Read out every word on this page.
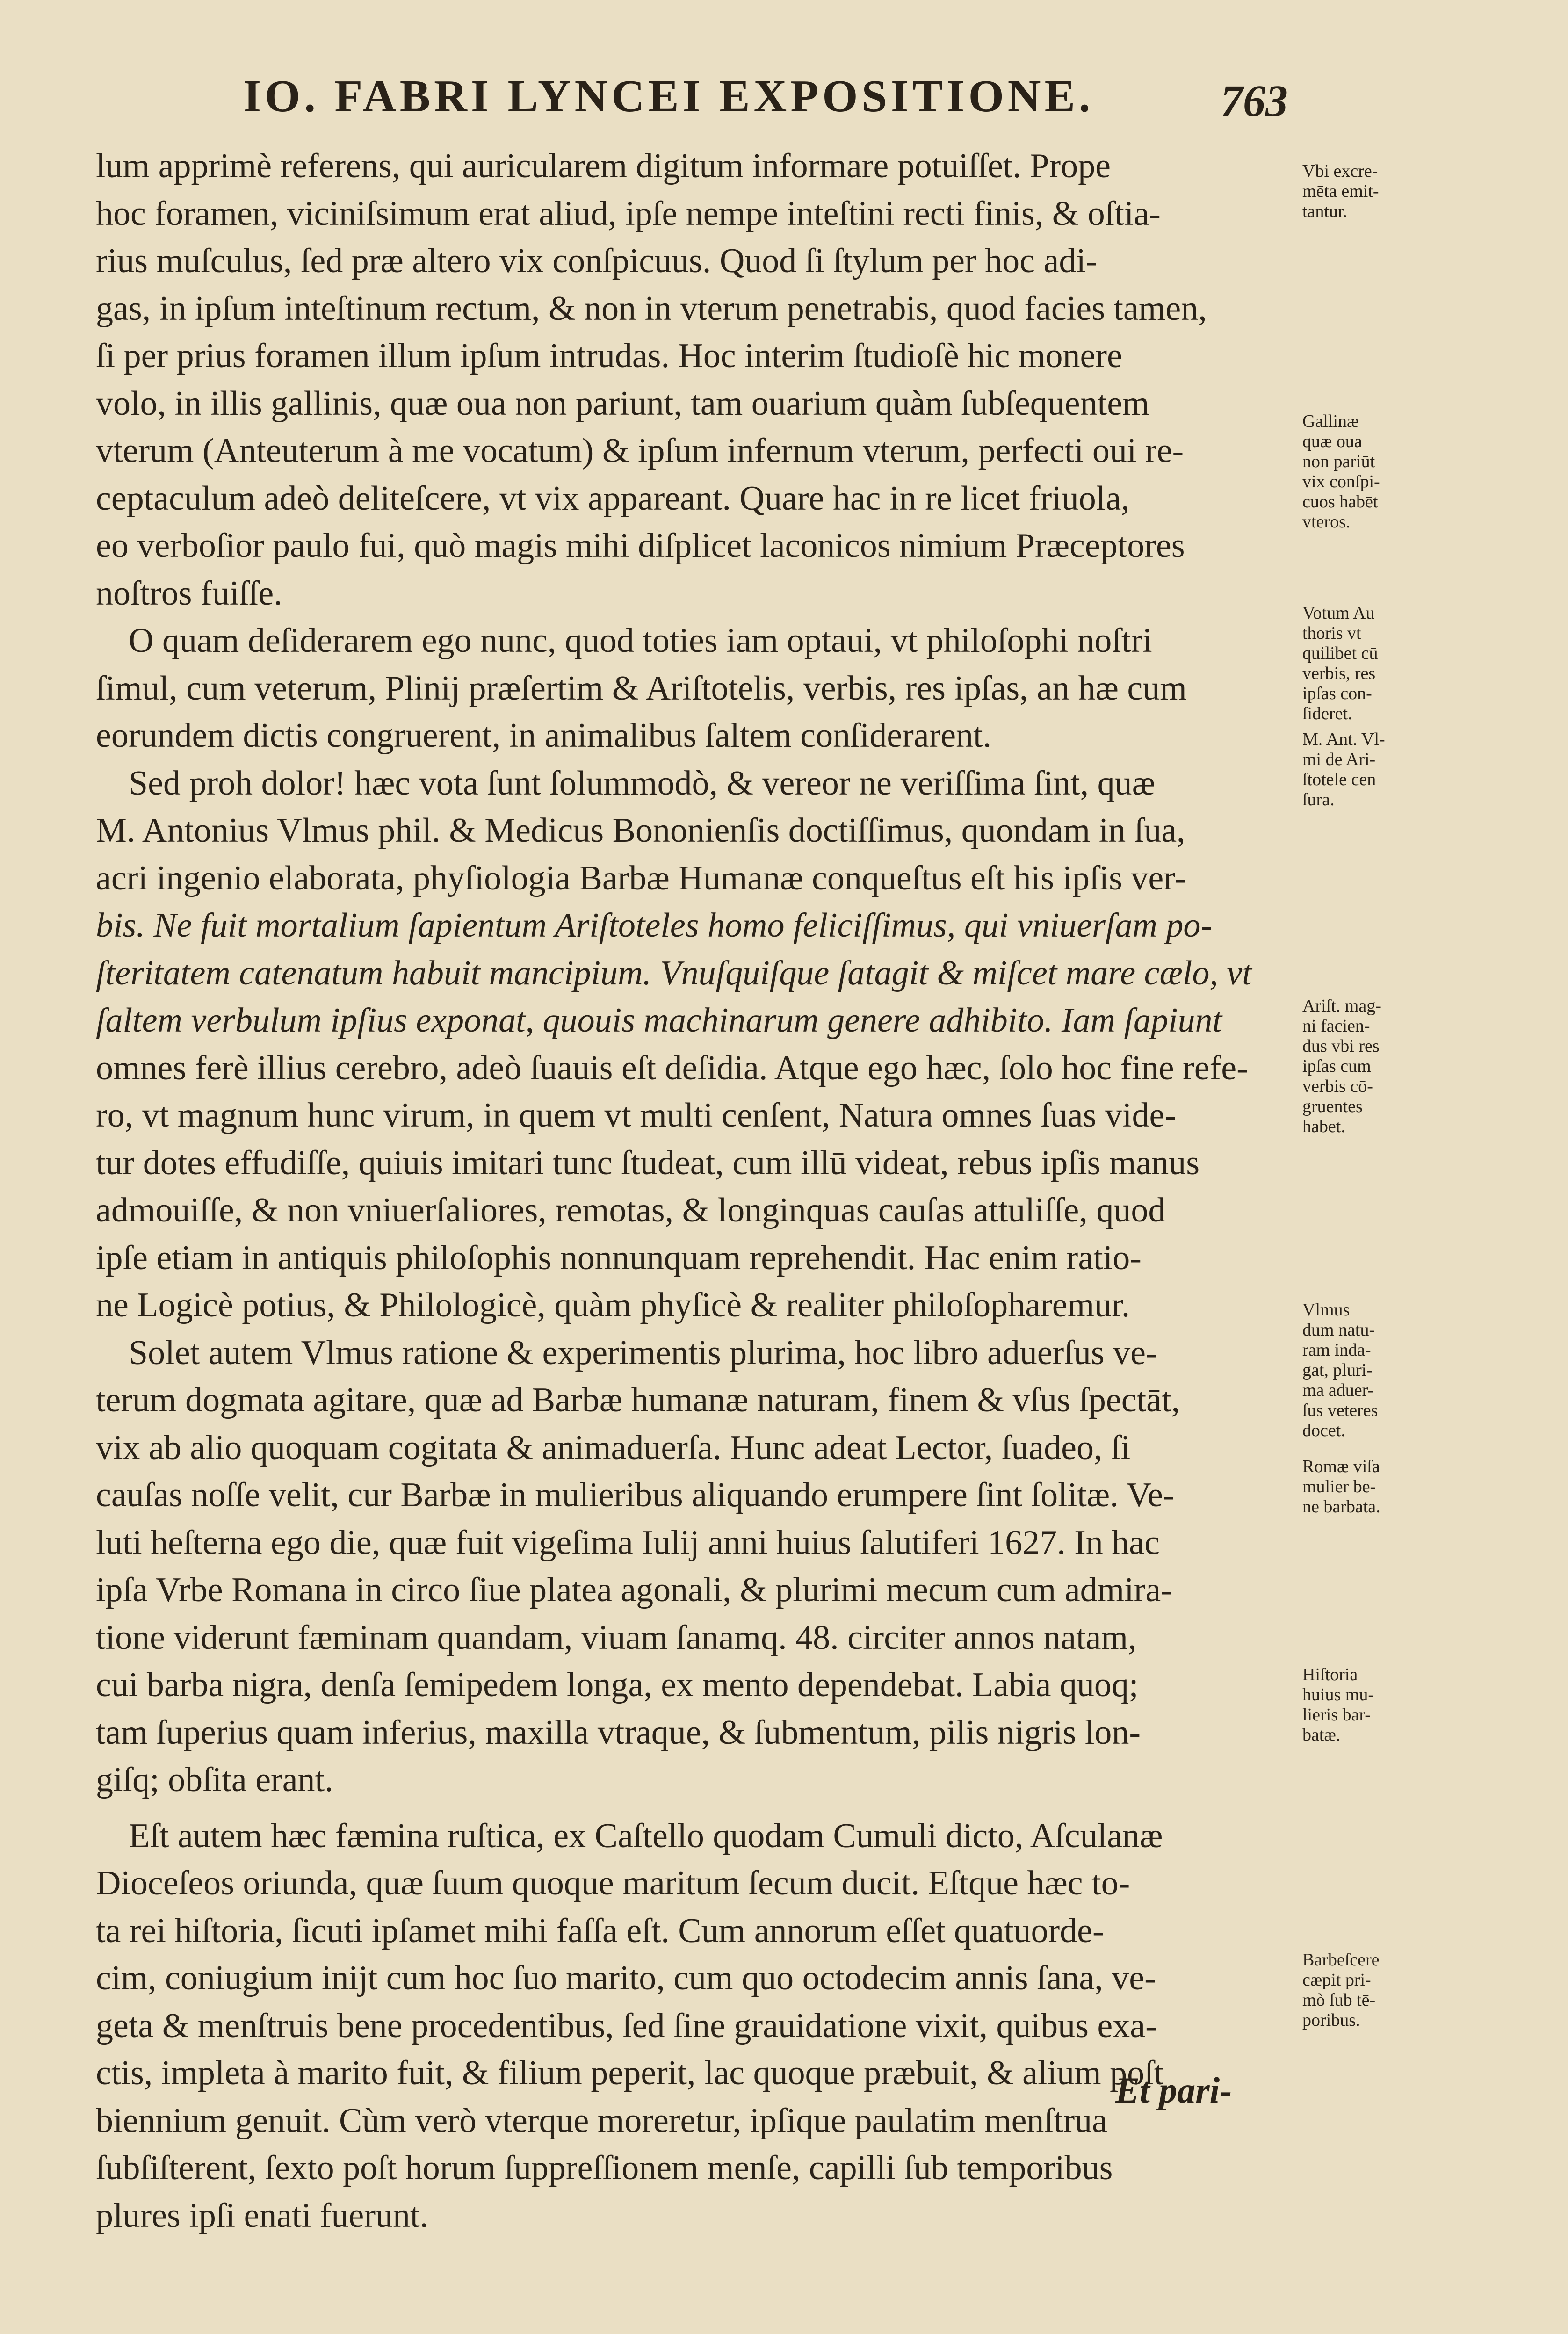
IO. FABRI LYNCEI EXPOSITIONE.	763
lum apprimè referens, qui auricularem digitum informare potuiſſet. Prope
hoc foramen, viciniſsimum erat aliud, ipſe nempe inteſtini recti finis, & oſtia-
rius muſculus, ſed præ altero vix conſpicuus. Quod ſi ſtylum per hoc adi-
gas, in ipſum inteſtinum rectum, & non in vterum penetrabis, quod facies tamen,
ſi per prius foramen illum ipſum intrudas. Hoc interim ſtudioſè hic monere
volo, in illis gallinis, quæ oua non pariunt, tam ouarium quàm ſubſequentem
vterum (Anteuterum à me vocatum) & ipſum infernum vterum, perfecti oui re-
ceptaculum adeò deliteſcere, vt vix appareant. Quare hac in re licet friuola,
eo verboſior paulo fui, quò magis mihi diſplicet laconicos nimium Præceptores
noſtros fuiſſe.
O quam deſiderarem ego nunc, quod toties iam optaui, vt philoſophi noſtri
ſimul, cum veterum, Plinij præſertim & Ariſtotelis, verbis, res ipſas, an hæ cum
eorundem dictis congruerent, in animalibus ſaltem conſiderarent.
Sed proh dolor! hæc vota ſunt ſolummodò, & vereor ne veriſſima ſint, quæ
M. Antonius Vlmus phil. & Medicus Bononienſis doctiſſimus, quondam in ſua,
acri ingenio elaborata, phyſiologia Barbæ Humanæ conqueſtus eſt his ipſis ver-
bis. Ne fuit mortalium ſapientum Ariſtoteles homo feliciſſimus, qui vniuerſam po-
ſteritatem catenatum habuit mancipium. Vnuſquiſque ſatagit & miſcet mare cælo, vt
ſaltem verbulum ipſius exponat, quouis machinarum genere adhibito. Iam ſapiunt
omnes ferè illius cerebro, adeò ſuauis eſt deſidia. Atque ego hæc, ſolo hoc fine refe-
ro, vt magnum hunc virum, in quem vt multi cenſent, Natura omnes ſuas vide-
tur dotes effudiſſe, quiuis imitari tunc ſtudeat, cum illū videat, rebus ipſis manus
admouiſſe, & non vniuerſaliores, remotas, & longinquas cauſas attuliſſe, quod
ipſe etiam in antiquis philoſophis nonnunquam reprehendit. Hac enim ratio-
ne Logicè potius, & Philologicè, quàm phyſicè & realiter philoſopharemur.
Solet autem Vlmus ratione & experimentis plurima, hoc libro aduerſus ve-
terum dogmata agitare, quæ ad Barbæ humanæ naturam, finem & vſus ſpectāt,
vix ab alio quoquam cogitata & animaduerſa. Hunc adeat Lector, ſuadeo, ſi
cauſas noſſe velit, cur Barbæ in mulieribus aliquando erumpere ſint ſolitæ. Ve-
luti heſterna ego die, quæ fuit vigeſima Iulij anni huius ſalutiferi 1627. In hac
ipſa Vrbe Romana in circo ſiue platea agonali, & plurimi mecum cum admira-
tione viderunt fæminam quandam, viuam ſanamq. 48. circiter annos natam,
cui barba nigra, denſa ſemipedem longa, ex mento dependebat. Labia quoq;
tam ſuperius quam inferius, maxilla vtraque, & ſubmentum, pilis nigris lon-
giſq; obſita erant.
Eſt autem hæc fæmina ruſtica, ex Caſtello quodam Cumuli dicto, Aſculanæ
Dioceſeos oriunda, quæ ſuum quoque maritum ſecum ducit. Eſtque hæc to-
ta rei hiſtoria, ſicuti ipſamet mihi faſſa eſt. Cum annorum eſſet quatuorde-
cim, coniugium inijt cum hoc ſuo marito, cum quo octodecim annis ſana, ve-
geta & menſtruis bene procedentibus, ſed ſine grauidatione vixit, quibus exa-
ctis, impleta à marito fuit, & filium peperit, lac quoque præbuit, & alium poſt
biennium genuit. Cùm verò vterque moreretur, ipſique paulatim menſtrua
ſubſiſterent, ſexto poſt horum ſuppreſſionem menſe, capilli ſub temporibus
plures ipſi enati fuerunt.
Et pari-
Vbi excre-
mēta emit-
tantur.
Gallinæ
quæ oua
non pariūt
vix conſpi-
cuos habēt
vteros.
Votum Au
thoris vt
quilibet cū
verbis, res
ipſas con-
ſideret.
M. Ant. Vl-
mi de Ari-
ſtotele cen
ſura.
Ariſt. mag-
ni facien-
dus vbi res
ipſas cum
verbis cō-
gruentes
habet.
Vlmus
dum natu-
ram inda-
gat, pluri-
ma aduer-
ſus veteres
docet.
Romæ viſa
mulier be-
ne barbata.
Hiſtoria
huius mu-
lieris bar-
batæ.
Barbeſcere
cæpit pri-
mò ſub tē-
poribus.
